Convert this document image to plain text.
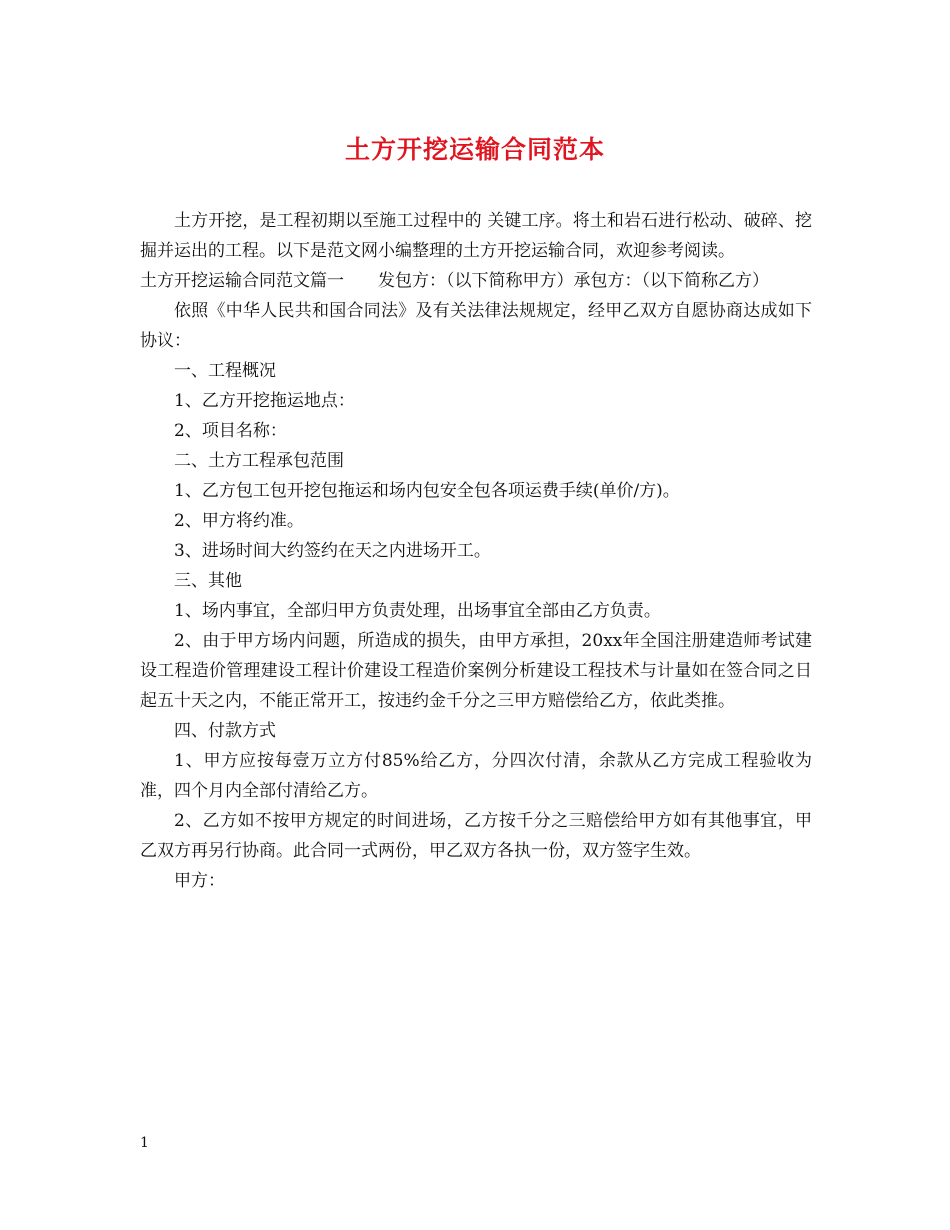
土方开挖运输合同范本

土方开挖，是工程初期以至施工过程中的 关键工序。将土和岩石进行松动、破碎、挖掘并运出的工程。以下是范文网小编整理的土方开挖运输合同，欢迎参考阅读。

土方开挖运输合同范文篇一　　发包方：（以下简称甲方）承包方：（以下简称乙方）

依照《中华人民共和国合同法》及有关法律法规规定，经甲乙双方自愿协商达成如下协议：

一、工程概况

1、乙方开挖拖运地点：

2、项目名称：

二、土方工程承包范围

1、乙方包工包开挖包拖运和场内包安全包各项运费手续(单价/方)。

2、甲方将约准。

3、进场时间大约签约在天之内进场开工。

三、其他

1、场内事宜，全部归甲方负责处理，出场事宜全部由乙方负责。

2、由于甲方场内问题，所造成的损失，由甲方承担，20xx年全国注册建造师考试建设工程造价管理建设工程计价建设工程造价案例分析建设工程技术与计量如在签合同之日起五十天之内，不能正常开工，按违约金千分之三甲方赔偿给乙方，依此类推。

四、付款方式

1、甲方应按每壹万立方付85%给乙方，分四次付清，余款从乙方完成工程验收为准，四个月内全部付清给乙方。

2、乙方如不按甲方规定的时间进场，乙方按千分之三赔偿给甲方如有其他事宜，甲乙双方再另行协商。此合同一式两份，甲乙双方各执一份，双方签字生效。

甲方：

1
